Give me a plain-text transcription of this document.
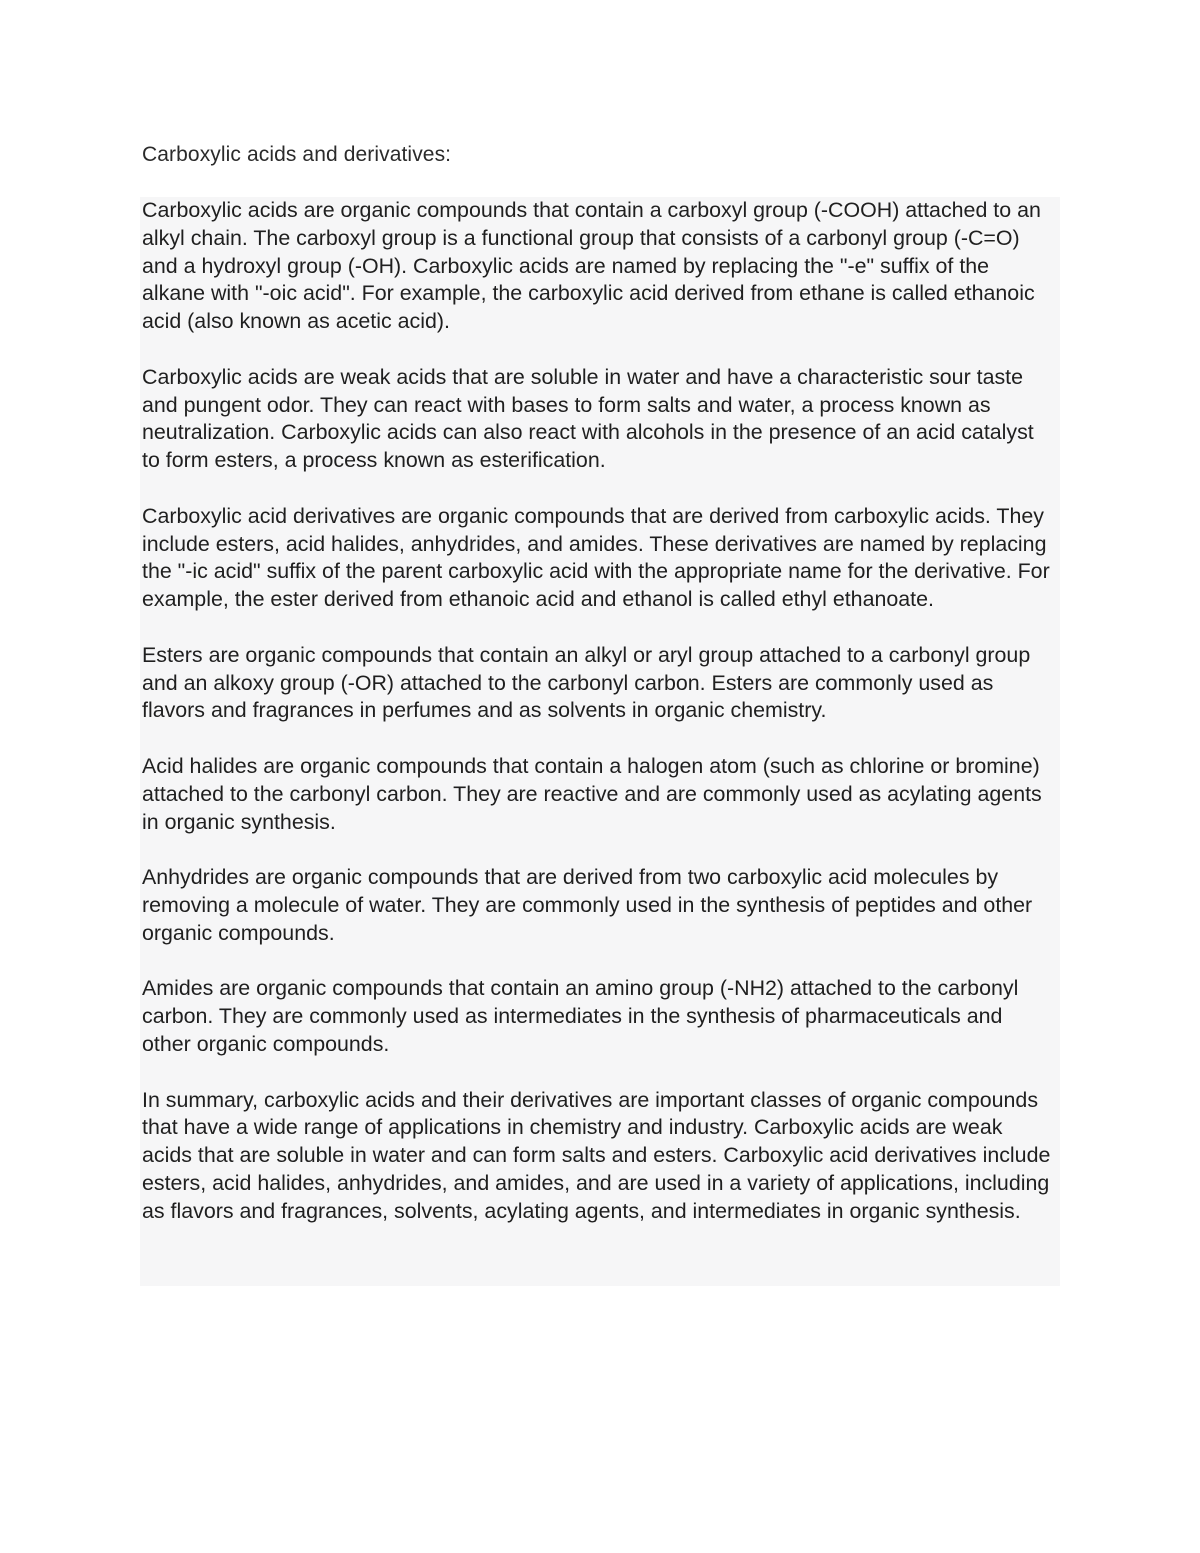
Carboxylic acids and derivatives:

Carboxylic acids are organic compounds that contain a carboxyl group (-COOH) attached to an alkyl chain. The carboxyl group is a functional group that consists of a carbonyl group (-C=O) and a hydroxyl group (-OH). Carboxylic acids are named by replacing the "-e" suffix of the alkane with "-oic acid". For example, the carboxylic acid derived from ethane is called ethanoic acid (also known as acetic acid).

Carboxylic acids are weak acids that are soluble in water and have a characteristic sour taste and pungent odor. They can react with bases to form salts and water, a process known as neutralization. Carboxylic acids can also react with alcohols in the presence of an acid catalyst to form esters, a process known as esterification.

Carboxylic acid derivatives are organic compounds that are derived from carboxylic acids. They include esters, acid halides, anhydrides, and amides. These derivatives are named by replacing the "-ic acid" suffix of the parent carboxylic acid with the appropriate name for the derivative. For example, the ester derived from ethanoic acid and ethanol is called ethyl ethanoate.

Esters are organic compounds that contain an alkyl or aryl group attached to a carbonyl group and an alkoxy group (-OR) attached to the carbonyl carbon. Esters are commonly used as flavors and fragrances in perfumes and as solvents in organic chemistry.

Acid halides are organic compounds that contain a halogen atom (such as chlorine or bromine) attached to the carbonyl carbon. They are reactive and are commonly used as acylating agents in organic synthesis.

Anhydrides are organic compounds that are derived from two carboxylic acid molecules by removing a molecule of water. They are commonly used in the synthesis of peptides and other organic compounds.

Amides are organic compounds that contain an amino group (-NH2) attached to the carbonyl carbon. They are commonly used as intermediates in the synthesis of pharmaceuticals and other organic compounds.

In summary, carboxylic acids and their derivatives are important classes of organic compounds that have a wide range of applications in chemistry and industry. Carboxylic acids are weak acids that are soluble in water and can form salts and esters. Carboxylic acid derivatives include esters, acid halides, anhydrides, and amides, and are used in a variety of applications, including as flavors and fragrances, solvents, acylating agents, and intermediates in organic synthesis.
